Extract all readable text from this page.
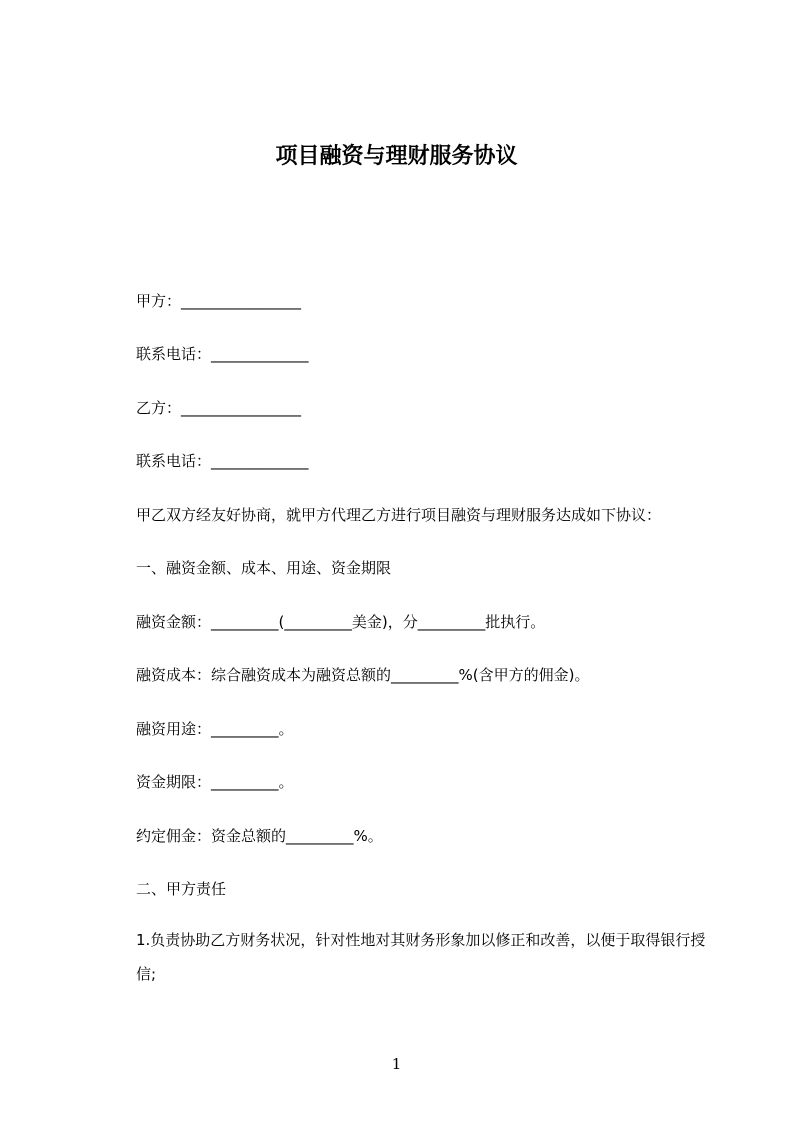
项目融资与理财服务协议
甲方：________________
联系电话：_____________
乙方：________________
联系电话：_____________
甲乙双方经友好协商，就甲方代理乙方进行项目融资与理财服务达成如下协议：
一、融资金额、成本、用途、资金期限
融资金额：_________(_________美金)，分_________批执行。
融资成本：综合融资成本为融资总额的_________%(含甲方的佣金)。
融资用途：_________。
资金期限：_________。
约定佣金：资金总额的_________%。
二、甲方责任
1.负责协助乙方财务状况，针对性地对其财务形象加以修正和改善，以便于取得银行授信;
1
